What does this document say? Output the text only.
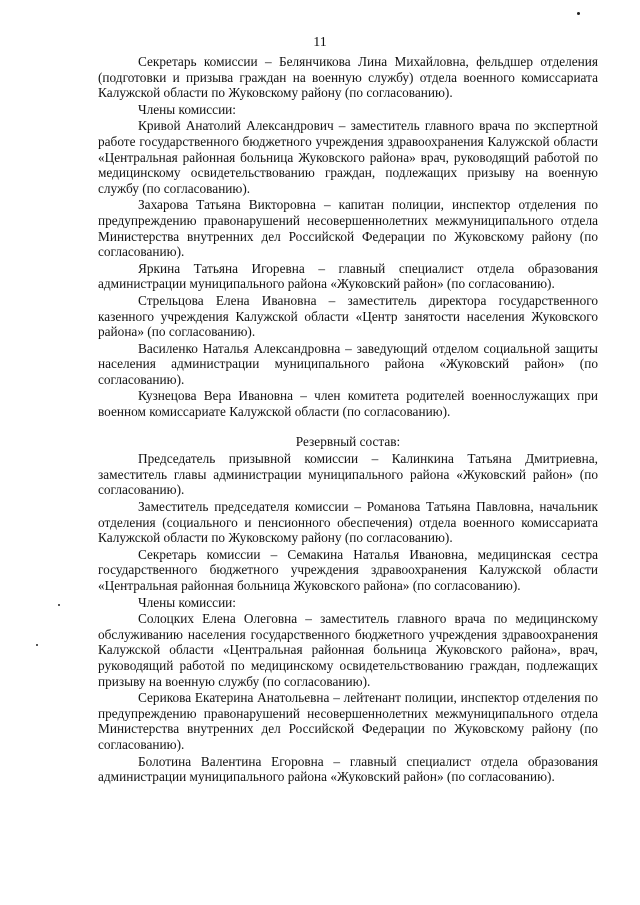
11

Секретарь комиссии – Белянчикова Лина Михайловна, фельдшер отделения (подготовки и призыва граждан на военную службу) отдела военного комиссариата Калужской области по Жуковскому району (по согласованию).

Члены комиссии:

Кривой Анатолий Александрович – заместитель главного врача по экспертной работе государственного бюджетного учреждения здравоохранения Калужской области «Центральная районная больница Жуковского района» врач, руководящий работой по медицинскому освидетельствованию граждан, подлежащих призыву на военную службу (по согласованию).

Захарова Татьяна Викторовна – капитан полиции, инспектор отделения по предупреждению правонарушений несовершеннолетних межмуниципального отдела Министерства внутренних дел Российской Федерации по Жуковскому району (по согласованию).

Яркина Татьяна Игоревна – главный специалист отдела образования администрации муниципального района «Жуковский район» (по согласованию).

Стрельцова Елена Ивановна – заместитель директора государственного казенного учреждения Калужской области «Центр занятости населения Жуковского района» (по согласованию).

Василенко Наталья Александровна – заведующий отделом социальной защиты населения администрации муниципального района «Жуковский район» (по согласованию).

Кузнецова Вера Ивановна – член комитета родителей военнослужащих при военном комиссариате Калужской области (по согласованию).

Резервный состав:

Председатель призывной комиссии – Калинкина Татьяна Дмитриевна, заместитель главы администрации муниципального района «Жуковский район» (по согласованию).

Заместитель председателя комиссии – Романова Татьяна Павловна, начальник отделения (социального и пенсионного обеспечения) отдела военного комиссариата Калужской области по Жуковскому району (по согласованию).

Секретарь комиссии – Семакина Наталья Ивановна, медицинская сестра государственного бюджетного учреждения здравоохранения Калужской области «Центральная районная больница Жуковского района» (по согласованию).

Члены комиссии:

Солоцких Елена Олеговна – заместитель главного врача по медицинскому обслуживанию населения государственного бюджетного учреждения здравоохранения Калужской области «Центральная районная больница Жуковского района», врач, руководящий работой по медицинскому освидетельствованию граждан, подлежащих призыву на военную службу (по согласованию).

Серикова Екатерина Анатольевна – лейтенант полиции, инспектор отделения по предупреждению правонарушений несовершеннолетних межмуниципального отдела Министерства внутренних дел Российской Федерации по Жуковскому району (по согласованию).

Болотина Валентина Егоровна – главный специалист отдела образования администрации муниципального района «Жуковский район» (по согласованию).
